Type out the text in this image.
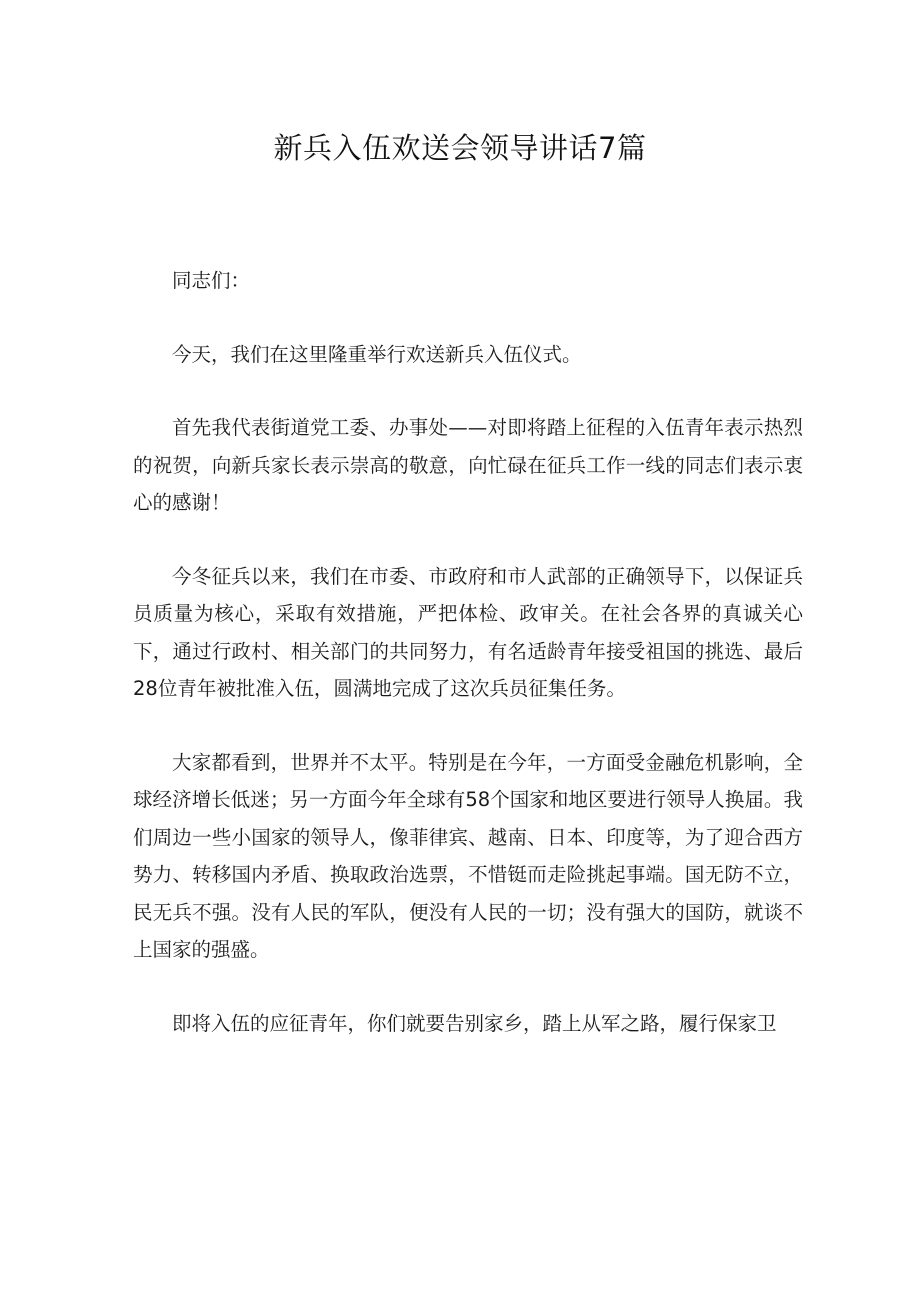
新兵入伍欢送会领导讲话7篇

同志们：

今天，我们在这里隆重举行欢送新兵入伍仪式。

首先我代表街道党工委、办事处——对即将踏上征程的入伍青年表示热烈的祝贺，向新兵家长表示崇高的敬意，向忙碌在征兵工作一线的同志们表示衷心的感谢！

今冬征兵以来，我们在市委、市政府和市人武部的正确领导下，以保证兵员质量为核心，采取有效措施，严把体检、政审关。在社会各界的真诚关心下，通过行政村、相关部门的共同努力，有名适龄青年接受祖国的挑选、最后28位青年被批准入伍，圆满地完成了这次兵员征集任务。

大家都看到，世界并不太平。特别是在今年，一方面受金融危机影响，全球经济增长低迷；另一方面今年全球有58个国家和地区要进行领导人换届。我们周边一些小国家的领导人，像菲律宾、越南、日本、印度等，为了迎合西方势力、转移国内矛盾、换取政治选票，不惜铤而走险挑起事端。国无防不立，民无兵不强。没有人民的军队，便没有人民的一切；没有强大的国防，就谈不上国家的强盛。

即将入伍的应征青年，你们就要告别家乡，踏上从军之路，履行保家卫
